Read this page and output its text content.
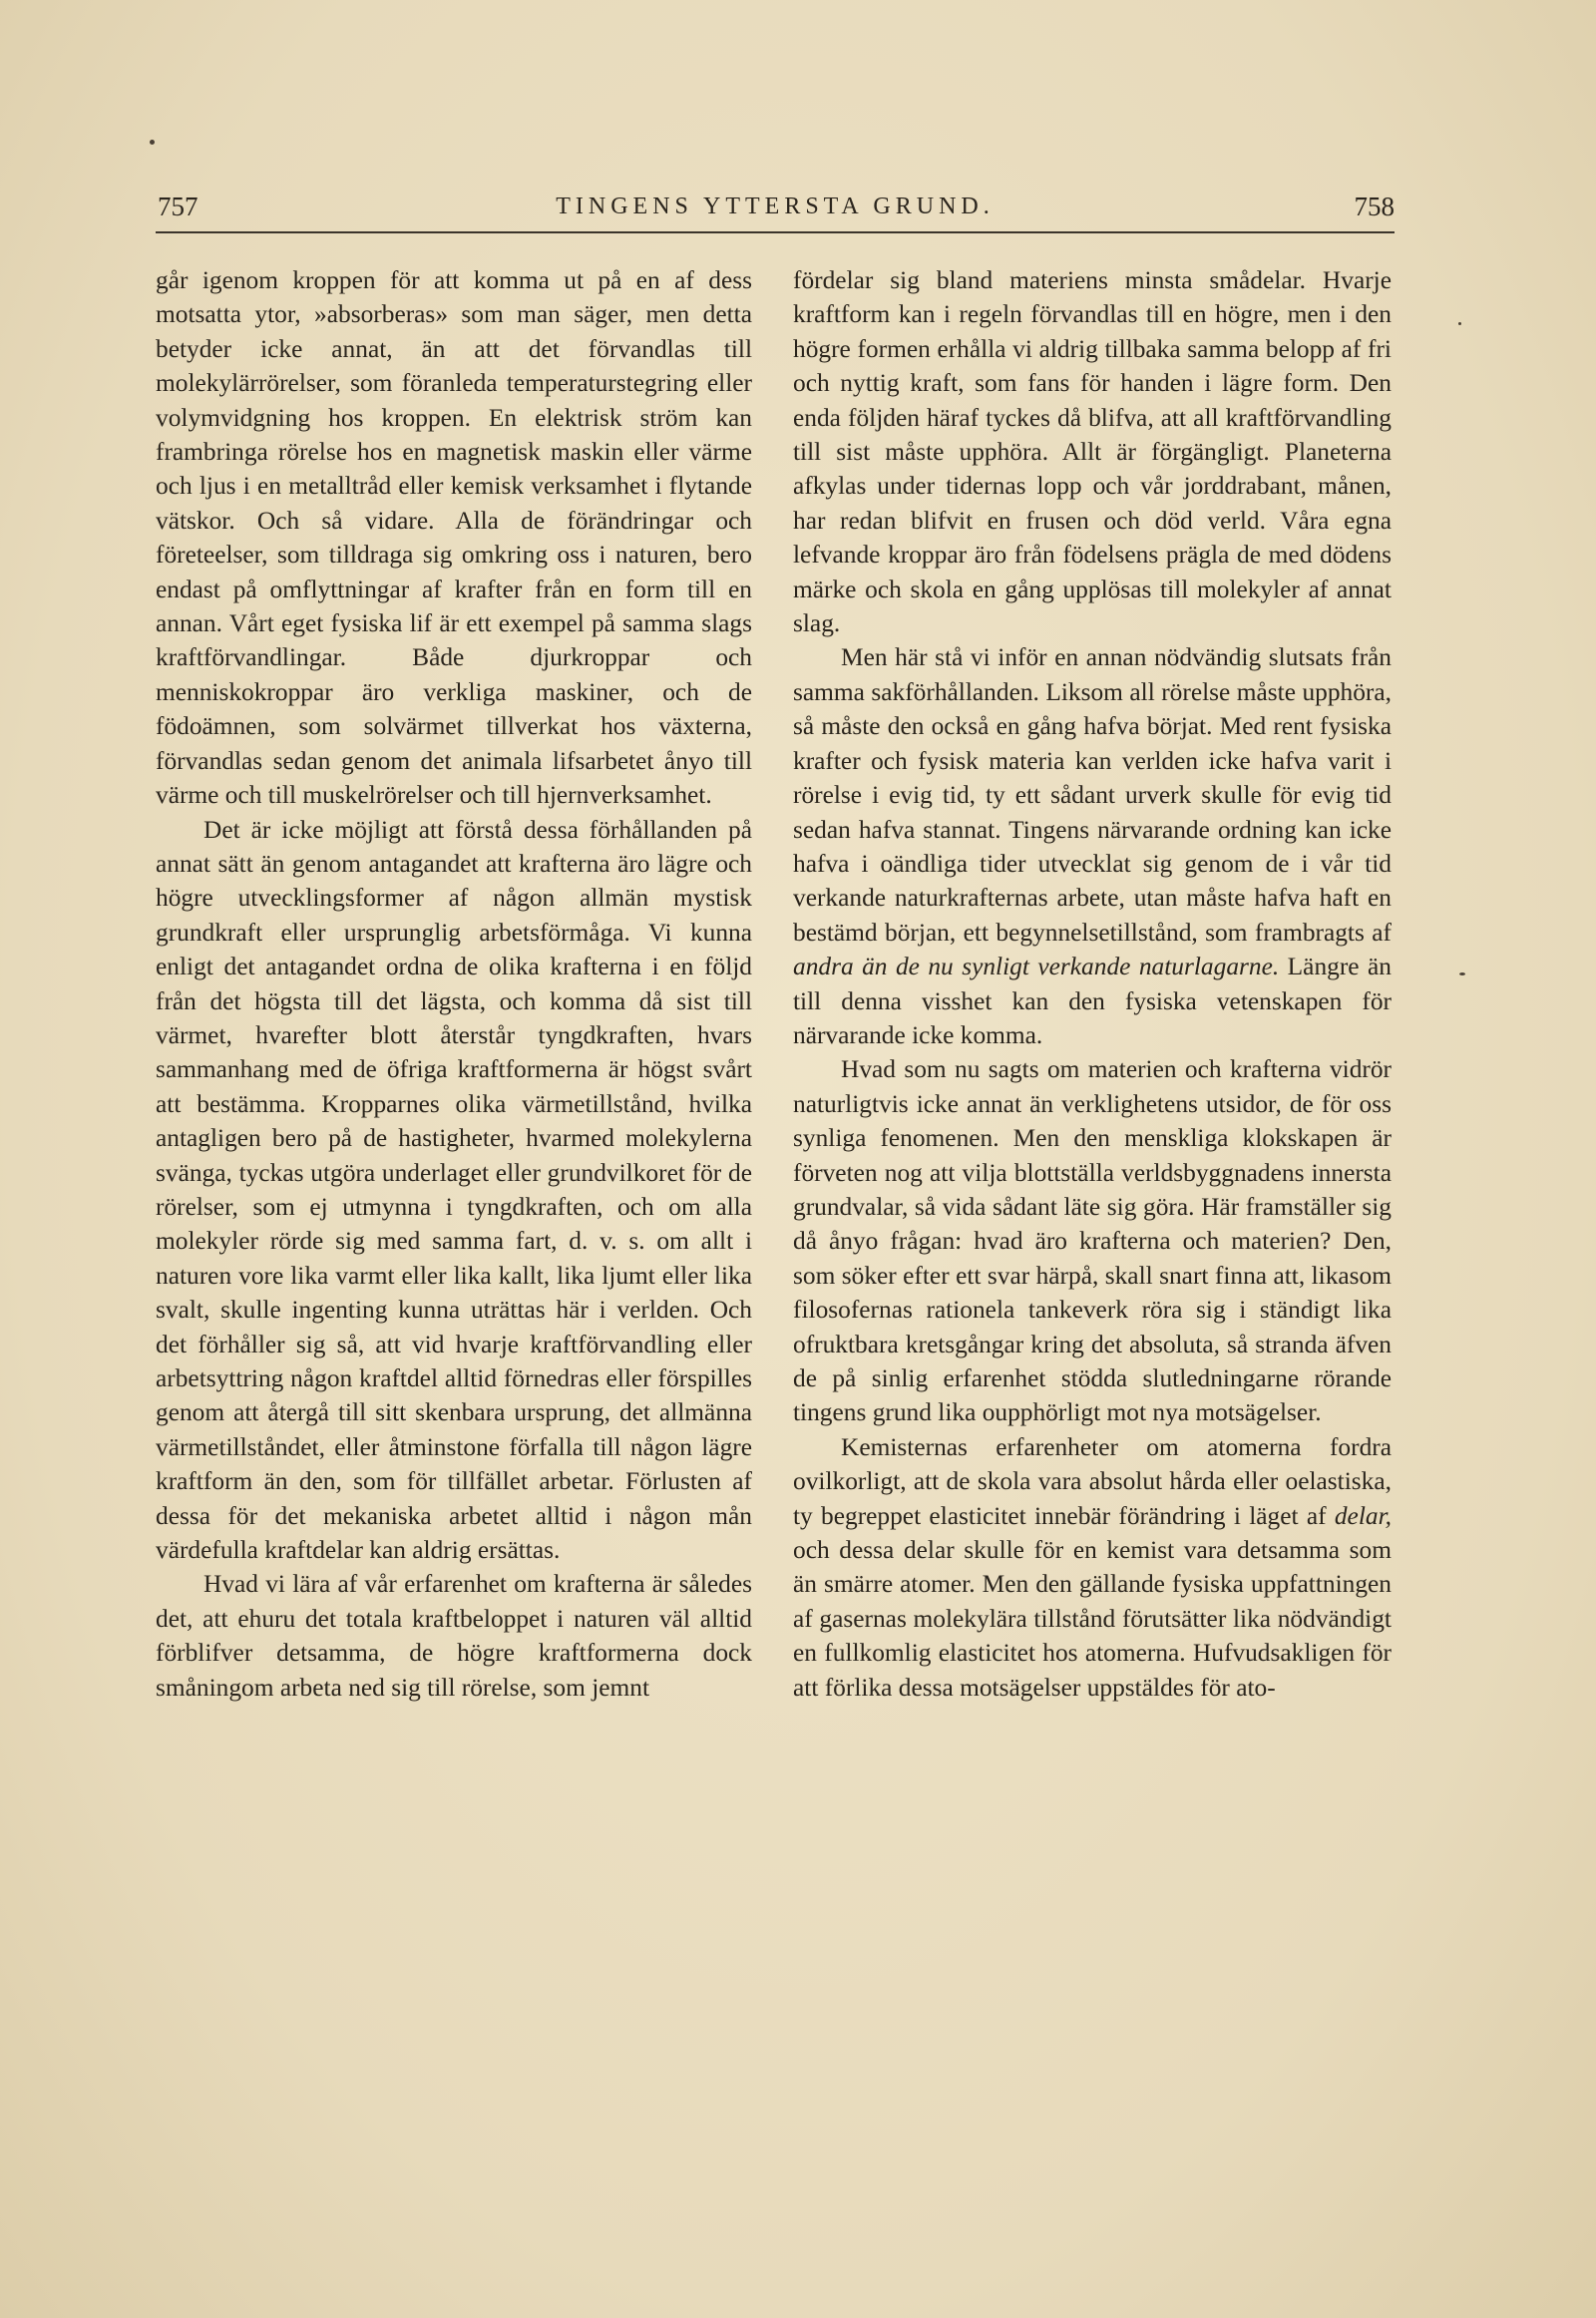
757	TINGENS YTTERSTA GRUND.	758

går igenom kroppen för att komma ut på en af dess motsatta ytor, »absorberas» som man säger, men detta betyder icke annat, än att det förvandlas till molekylärrörelser, som föranleda temperaturstegring eller volymvidgning hos kroppen. En elektrisk ström kan frambringa rörelse hos en magnetisk maskin eller värme och ljus i en metalltråd eller kemisk verksamhet i flytande vätskor. Och så vidare. Alla de förändringar och företeelser, som tilldraga sig omkring oss i naturen, bero endast på omflyttningar af krafter från en form till en annan. Vårt eget fysiska lif är ett exempel på samma slags kraftförvandlingar. Både djurkroppar och menniskokroppar äro verkliga maskiner, och de födoämnen, som solvärmet tillverkat hos växterna, förvandlas sedan genom det animala lifsarbetet ånyo till värme och till muskelrörelser och till hjernverksamhet.

Det är icke möjligt att förstå dessa förhållanden på annat sätt än genom antagandet att krafterna äro lägre och högre utvecklingsformer af någon allmän mystisk grundkraft eller ursprunglig arbetsförmåga. Vi kunna enligt det antagandet ordna de olika krafterna i en följd från det högsta till det lägsta, och komma då sist till värmet, hvarefter blott återstår tyngdkraften, hvars sammanhang med de öfriga kraftformerna är högst svårt att bestämma. Kropparnes olika värmetillstånd, hvilka antagligen bero på de hastigheter, hvarmed molekylerna svänga, tyckas utgöra underlaget eller grundvilkoret för de rörelser, som ej utmynna i tyngdkraften, och om alla molekyler rörde sig med samma fart, d. v. s. om allt i naturen vore lika varmt eller lika kallt, lika ljumt eller lika svalt, skulle ingenting kunna uträttas här i verlden. Och det förhåller sig så, att vid hvarje kraftförvandling eller arbetsyttring någon kraftdel alltid förnedras eller förspilles genom att återgå till sitt skenbara ursprung, det allmänna värmetillståndet, eller åtminstone förfalla till någon lägre kraftform än den, som för tillfället arbetar. Förlusten af dessa för det mekaniska arbetet alltid i någon mån värdefulla kraftdelar kan aldrig ersättas.

Hvad vi lära af vår erfarenhet om krafterna är således det, att ehuru det totala kraftbeloppet i naturen väl alltid förblifver detsamma, de högre kraftformerna dock småningom arbeta ned sig till rörelse, som jemnt

fördelar sig bland materiens minsta smådelar. Hvarje kraftform kan i regeln förvandlas till en högre, men i den högre formen erhålla vi aldrig tillbaka samma belopp af fri och nyttig kraft, som fans för handen i lägre form. Den enda följden häraf tyckes då blifva, att all kraftförvandling till sist måste upphöra. Allt är förgängligt. Planeterna afkylas under tidernas lopp och vår jorddrabant, månen, har redan blifvit en frusen och död verld. Våra egna lefvande kroppar äro från födelsens prägla de med dödens märke och skola en gång upplösas till molekyler af annat slag.

Men här stå vi inför en annan nödvändig slutsats från samma sakförhållanden. Liksom all rörelse måste upphöra, så måste den också en gång hafva börjat. Med rent fysiska krafter och fysisk materia kan verlden icke hafva varit i rörelse i evig tid, ty ett sådant urverk skulle för evig tid sedan hafva stannat. Tingens närvarande ordning kan icke hafva i oändliga tider utvecklat sig genom de i vår tid verkande naturkrafternas arbete, utan måste hafva haft en bestämd början, ett begynnelsetillstånd, som frambragts af andra än de nu synligt verkande naturlagarne. Längre än till denna visshet kan den fysiska vetenskapen för närvarande icke komma.

Hvad som nu sagts om materien och krafterna vidrör naturligtvis icke annat än verklighetens utsidor, de för oss synliga fenomenen. Men den menskliga klokskapen är förveten nog att vilja blottställa verldsbyggnadens innersta grundvalar, så vida sådant läte sig göra. Här framställer sig då ånyo frågan: hvad äro krafterna och materien? Den, som söker efter ett svar härpå, skall snart finna att, likasom filosofernas rationela tankeverk röra sig i ständigt lika ofruktbara kretsgångar kring det absoluta, så stranda äfven de på sinlig erfarenhet stödda slutledningarne rörande tingens grund lika oupphörligt mot nya motsägelser.

Kemisternas erfarenheter om atomerna fordra ovilkorligt, att de skola vara absolut hårda eller oelastiska, ty begreppet elasticitet innebär förändring i läget af delar, och dessa delar skulle för en kemist vara detsamma som än smärre atomer. Men den gällande fysiska uppfattningen af gasernas molekylära tillstånd förutsätter lika nödvändigt en fullkomlig elasticitet hos atomerna. Hufvudsakligen för att förlika dessa motsägelser uppstäldes för ato-
